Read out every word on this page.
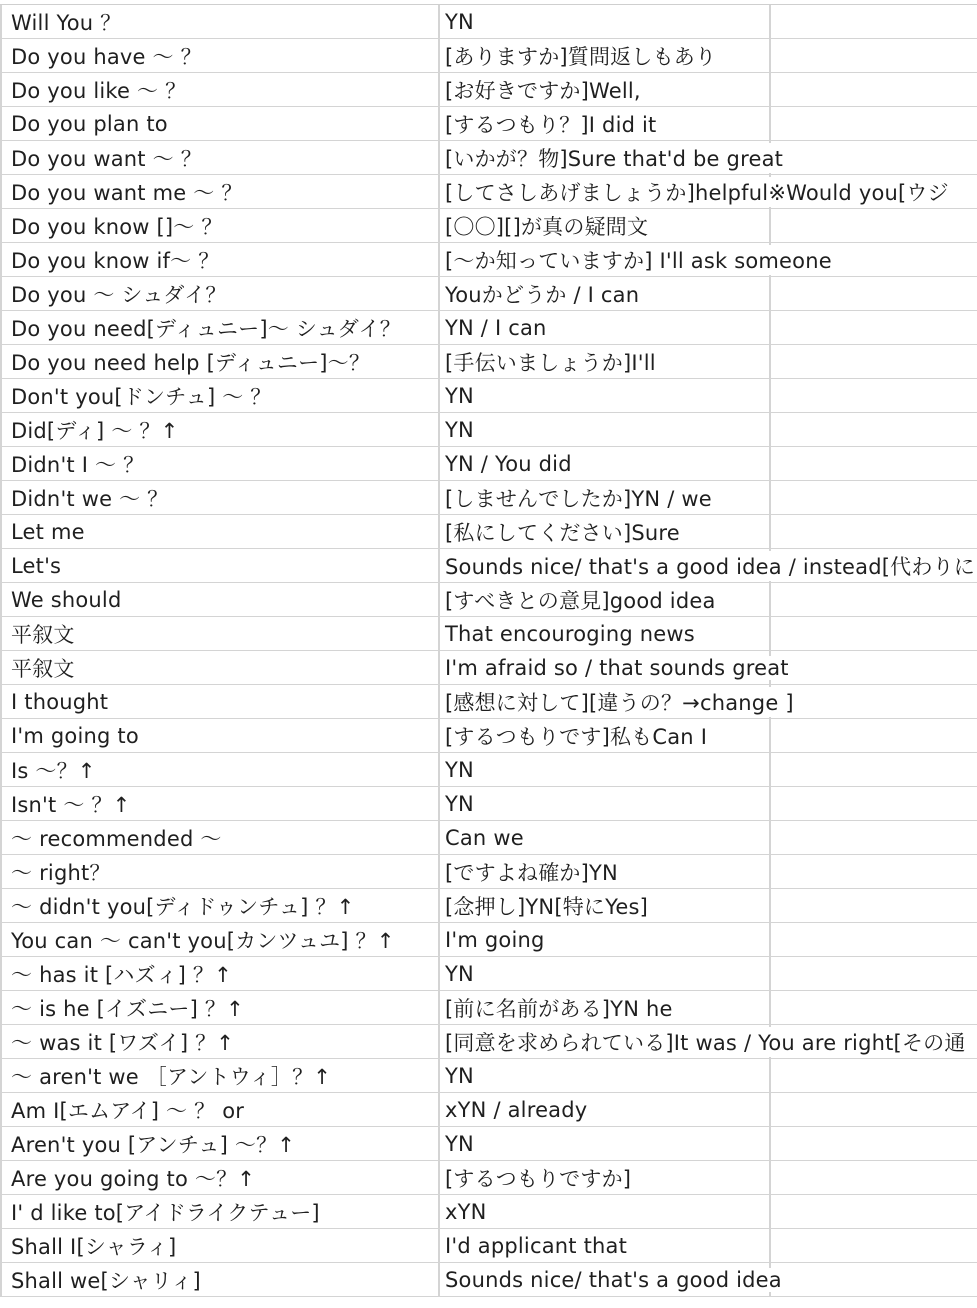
Will You ？	YN
Do you have ～ ？	[ありますか]質問返しもあり
Do you like ～ ？	[お好きですか]Well,
Do you plan to	[するつもり？]I did it
Do you want ～ ？	[いかが？物]Sure that'd be great
Do you want me ～ ？	[してさしあげましょうか]helpful※Would you[ウジ
Do you know []～ ？	[〇〇][]が真の疑問文
Do you know if～ ？	[～か知っていますか] I'll ask someone
Do you ～ シュダイ？	Youかどうか / I can
Do you need[ディュニー]～ シュダイ？	YN / I can
Do you need help [ディュニー]～？	[手伝いましょうか]I'll
Don't you[ドンチュ] ～ ？	YN
Did[ディ] ～ ？↑	YN
Didn't I ～ ？	YN / You did
Didn't we ～ ？	[しませんでしたか]YN / we
Let me	[私にしてください]Sure
Let's	Sounds nice/ that's a good idea / instead[代わりに
We should	[すべきとの意見]good idea
平叙文	That encouroging news
平叙文	I'm afraid so / that sounds great
I thought	[感想に対して][違うの？→change ]
I'm going to	[するつもりです]私もCan I
Is ～？↑	YN
Isn't ～ ？↑	YN
～ recommended ～	Can we
～ right？	[ですよね確か]YN
～ didn't you[ディドゥンチュ] ？↑	[念押し]YN[特にYes]
You can ～ can't you[カンツュユ] ？↑	I'm going
～ has it [ハズィ] ？↑	YN
～ is he [イズニー] ？↑	[前に名前がある]YN he
～ was it [ワズイ] ？↑	[同意を求められている]It was / You are right[その通
～ aren't we ［アントウィ］？↑	YN
Am I[エムアイ] ～ ？ or	xYN / already
Aren't you [アンチュ] ～？↑	YN
Are you going to ～？↑	[するつもりですか]
I' d like to[アイドライクテュー]	xYN
Shall I[シャラィ]	I'd applicant that
Shall we[シャリィ]	Sounds nice/ that's a good idea
